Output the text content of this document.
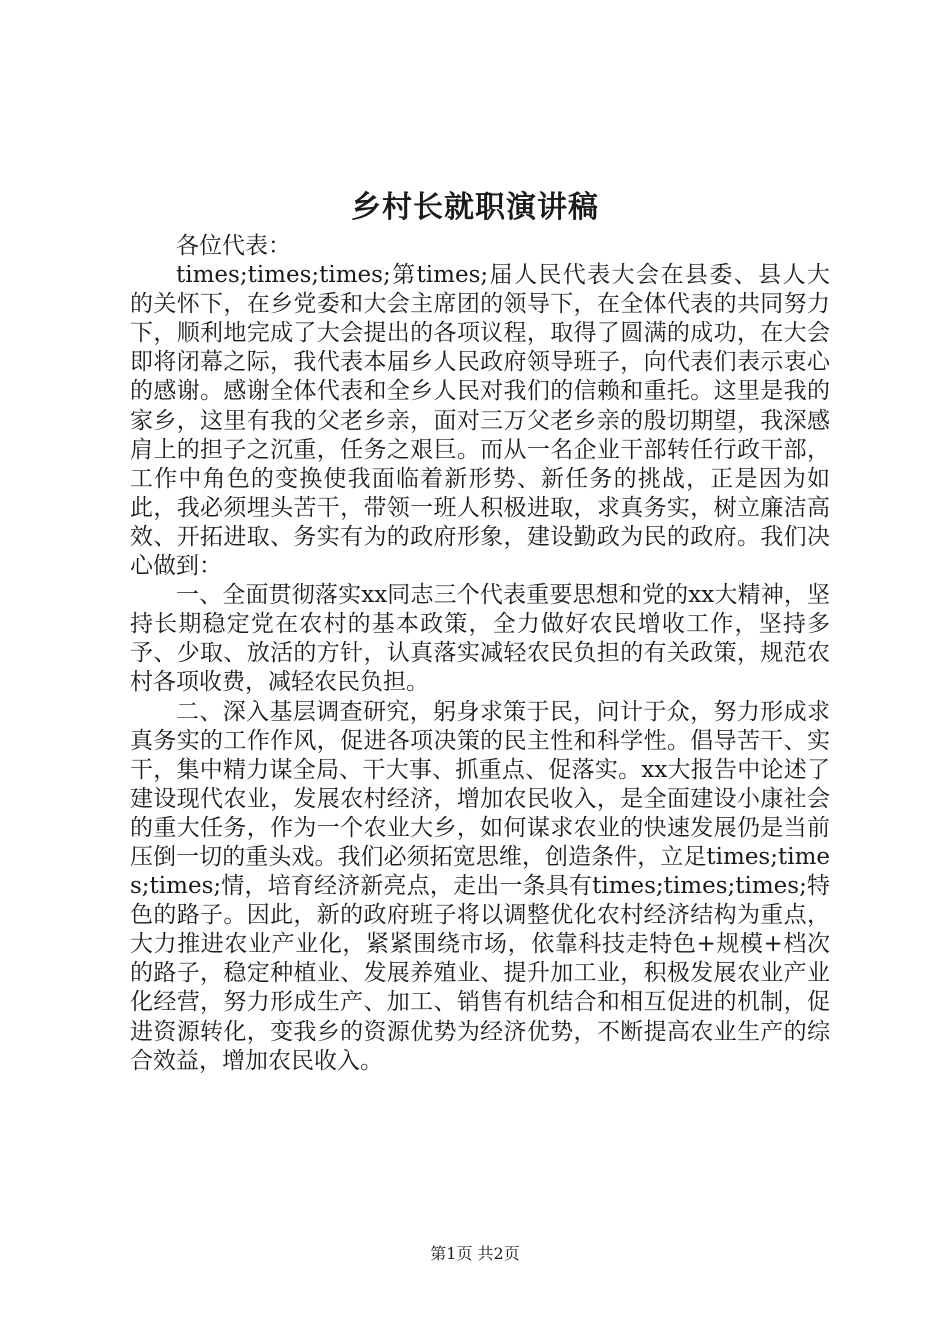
乡村长就职演讲稿

各位代表：

times;times;times;第times;届人民代表大会在县委、县人大的关怀下，在乡党委和大会主席团的领导下，在全体代表的共同努力下，顺利地完成了大会提出的各项议程，取得了圆满的成功，在大会即将闭幕之际，我代表本届乡人民政府领导班子，向代表们表示衷心的感谢。感谢全体代表和全乡人民对我们的信赖和重托。这里是我的家乡，这里有我的父老乡亲，面对三万父老乡亲的殷切期望，我深感肩上的担子之沉重，任务之艰巨。而从一名企业干部转任行政干部，工作中角色的变换使我面临着新形势、新任务的挑战，正是因为如此，我必须埋头苦干，带领一班人积极进取，求真务实，树立廉洁高效、开拓进取、务实有为的政府形象，建设勤政为民的政府。我们决心做到：

一、全面贯彻落实xx同志三个代表重要思想和党的xx大精神，坚持长期稳定党在农村的基本政策，全力做好农民增收工作，坚持多予、少取、放活的方针，认真落实减轻农民负担的有关政策，规范农村各项收费，减轻农民负担。

二、深入基层调查研究，躬身求策于民，问计于众，努力形成求真务实的工作作风，促进各项决策的民主性和科学性。倡导苦干、实干，集中精力谋全局、干大事、抓重点、促落实。xx大报告中论述了建设现代农业，发展农村经济，增加农民收入，是全面建设小康社会的重大任务，作为一个农业大乡，如何谋求农业的快速发展仍是当前压倒一切的重头戏。我们必须拓宽思维，创造条件，立足times;times;times;情，培育经济新亮点，走出一条具有times;times;times;特色的路子。因此，新的政府班子将以调整优化农村经济结构为重点，大力推进农业产业化，紧紧围绕市场，依靠科技走特色+规模+档次的路子，稳定种植业、发展养殖业、提升加工业，积极发展农业产业化经营，努力形成生产、加工、销售有机结合和相互促进的机制，促进资源转化，变我乡的资源优势为经济优势，不断提高农业生产的综合效益，增加农民收入。

第1页 共2页
